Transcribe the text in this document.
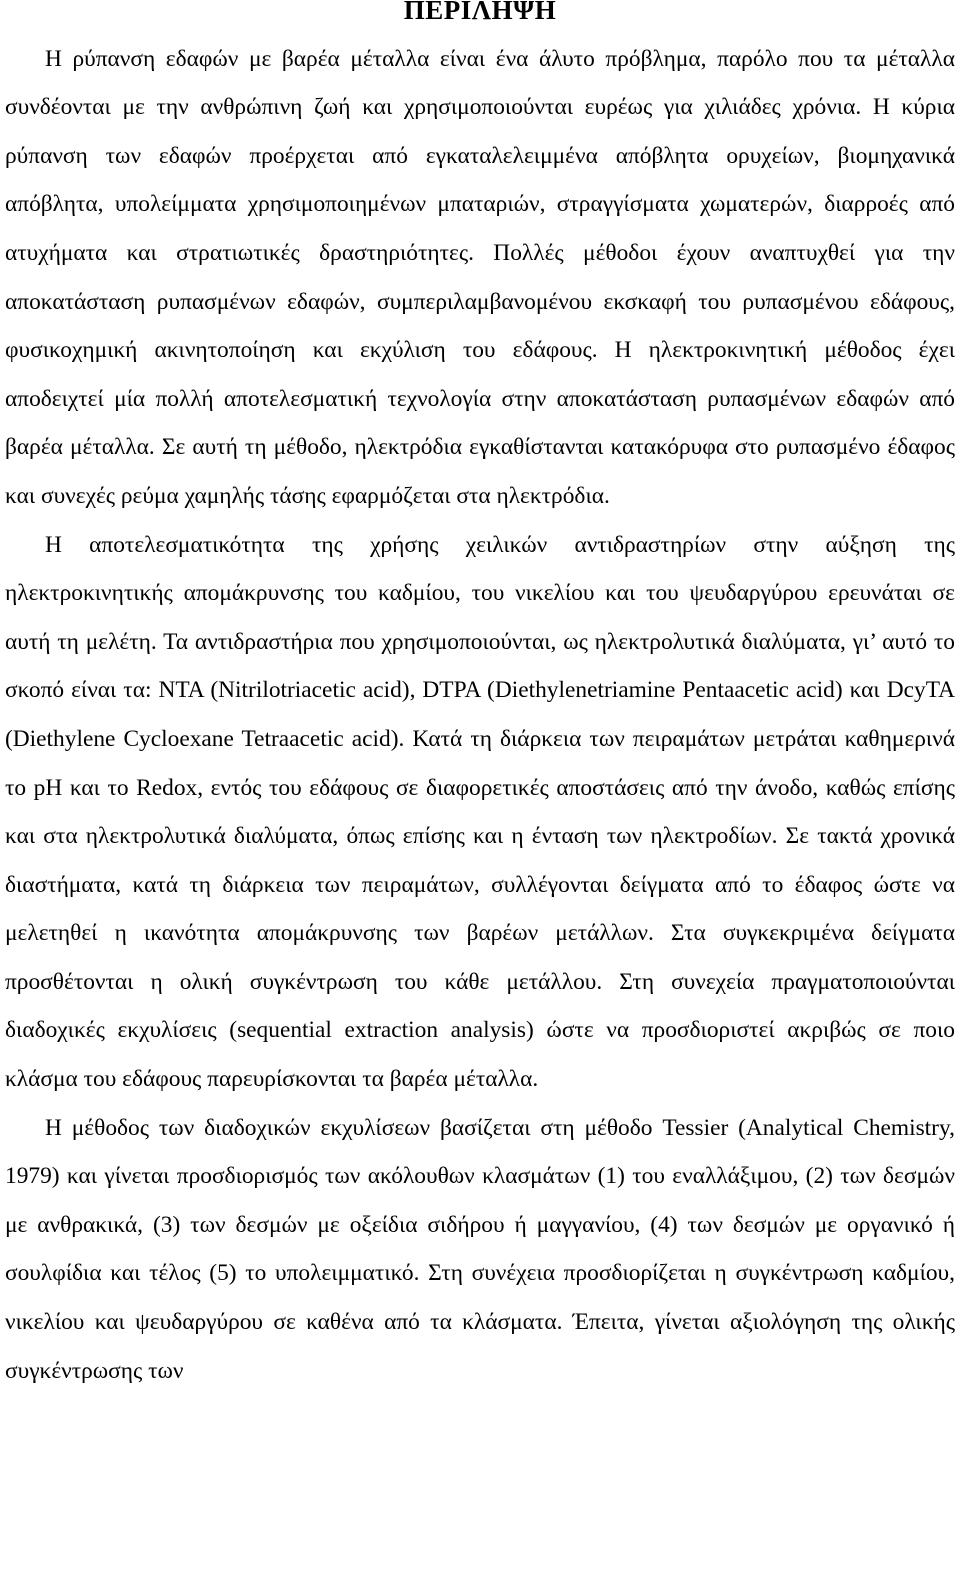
ΠΕΡΙΛΗΨΗ

Η ρύπανση εδαφών με βαρέα μέταλλα είναι ένα άλυτο πρόβλημα, παρόλο που τα μέταλλα συνδέονται με την ανθρώπινη ζωή και χρησιμοποιούνται ευρέως για χιλιάδες χρόνια. Η κύρια ρύπανση των εδαφών προέρχεται από εγκαταλελειμμένα απόβλητα ορυχείων, βιομηχανικά απόβλητα, υπολείμματα χρησιμοποιημένων μπαταριών, στραγγίσματα χωματερών, διαρροές από ατυχήματα και στρατιωτικές δραστηριότητες. Πολλές μέθοδοι έχουν αναπτυχθεί για την αποκατάσταση ρυπασμένων εδαφών, συμπεριλαμβανομένου εκσκαφή του ρυπασμένου εδάφους, φυσικοχημική ακινητοποίηση και εκχύλιση του εδάφους. Η ηλεκτροκινητική μέθοδος έχει αποδειχτεί μία πολλή αποτελεσματική τεχνολογία στην αποκατάσταση ρυπασμένων εδαφών από βαρέα μέταλλα. Σε αυτή τη μέθοδο, ηλεκτρόδια εγκαθίστανται κατακόρυφα στο ρυπασμένο έδαφος και συνεχές ρεύμα χαμηλής τάσης εφαρμόζεται στα ηλεκτρόδια.

Η αποτελεσματικότητα της χρήσης χειλικών αντιδραστηρίων στην αύξηση της ηλεκτροκινητικής απομάκρυνσης του καδμίου, του νικελίου και του ψευδαργύρου ερευνάται σε αυτή τη μελέτη. Τα αντιδραστήρια που χρησιμοποιούνται, ως ηλεκτρολυτικά διαλύματα, γι’ αυτό το σκοπό είναι τα: NTA (Nitrilotriacetic acid), DTPA (Diethylenetriamine Pentaacetic acid) και DcyTA (Diethylene Cycloexane Tetraacetic acid). Κατά τη διάρκεια των πειραμάτων μετράται καθημερινά το pH και το Redox, εντός του εδάφους σε διαφορετικές αποστάσεις από την άνοδο, καθώς επίσης και στα ηλεκτρολυτικά διαλύματα, όπως επίσης και η ένταση των ηλεκτροδίων. Σε τακτά χρονικά διαστήματα, κατά τη διάρκεια των πειραμάτων, συλλέγονται δείγματα από το έδαφος ώστε να μελετηθεί η ικανότητα απομάκρυνσης των βαρέων μετάλλων. Στα συγκεκριμένα δείγματα προσθέτονται η ολική συγκέντρωση του κάθε μετάλλου. Στη συνεχεία πραγματοποιούνται διαδοχικές εκχυλίσεις (sequential extraction analysis) ώστε να προσδιοριστεί ακριβώς σε ποιο κλάσμα του εδάφους παρευρίσκονται τα βαρέα μέταλλα.

Η μέθοδος των διαδοχικών εκχυλίσεων βασίζεται στη μέθοδο Tessier (Analytical Chemistry, 1979) και γίνεται προσδιορισμός των ακόλουθων κλασμάτων (1) του εναλλάξιμου, (2) των δεσμών με ανθρακικά, (3) των δεσμών με οξείδια σιδήρου ή μαγγανίου, (4) των δεσμών με οργανικό ή σουλφίδια και τέλος (5) το υπολειμματικό. Στη συνέχεια προσδιορίζεται η συγκέντρωση καδμίου, νικελίου και ψευδαργύρου σε καθένα από τα κλάσματα. Έπειτα, γίνεται αξιολόγηση της ολικής συγκέντρωσης των
